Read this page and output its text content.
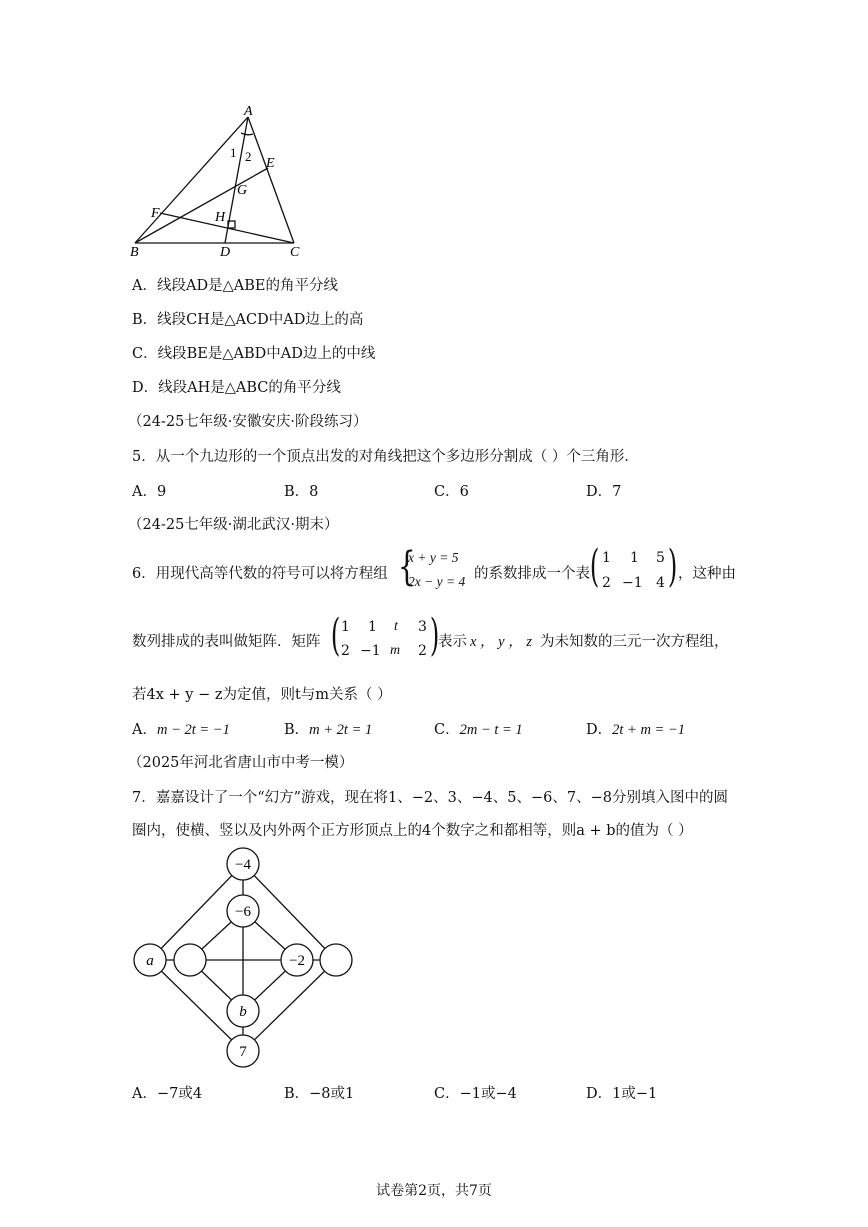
A
1 2 E
G
F	H
B	D	C
A．线段AD是△ABE的角平分线
B．线段CH是△ACD中AD边上的高
C．线段BE是△ABD中AD边上的中线
D．线段AH是△ABC的角平分线
（24-25七年级·安徽安庆·阶段练习）
5．从一个九边形的一个顶点出发的对角线把这个多边形分割成（ ）个三角形．
A．9	B．8	C．6	D．7
（24-25七年级·湖北武汉·期末）
6．用现代高等代数的符号可以将方程组 {
x + y = 5
2x − y = 4 的系数排成一个表 ( 1 1 5
2 −1 4 ) ，这种由
数列排成的表叫做矩阵．矩阵 ( 1 1 t 3
2 −1 m 2 )
表示 x ， y ， z 为未知数的三元一次方程组，
若4x + y − z为定值，则t与m关系（ ）
A．m − 2t = −1	B．m + 2t = 1	C．2m − t = 1	D．2t + m = −1
（2025年河北省唐山市中考一模）
7．嘉嘉设计了一个“幻方”游戏，现在将1、−2、3、−4、5、−6、7、−8分别填入图中的圆
圈内，使横、竖以及内外两个正方形顶点上的4个数字之和都相等，则a + b的值为（ ）
−4
−6
a	−2
b
7
A．−7或4	B．−8或1	C．−1或−4	D．1或−1
试卷第2页，共7页
